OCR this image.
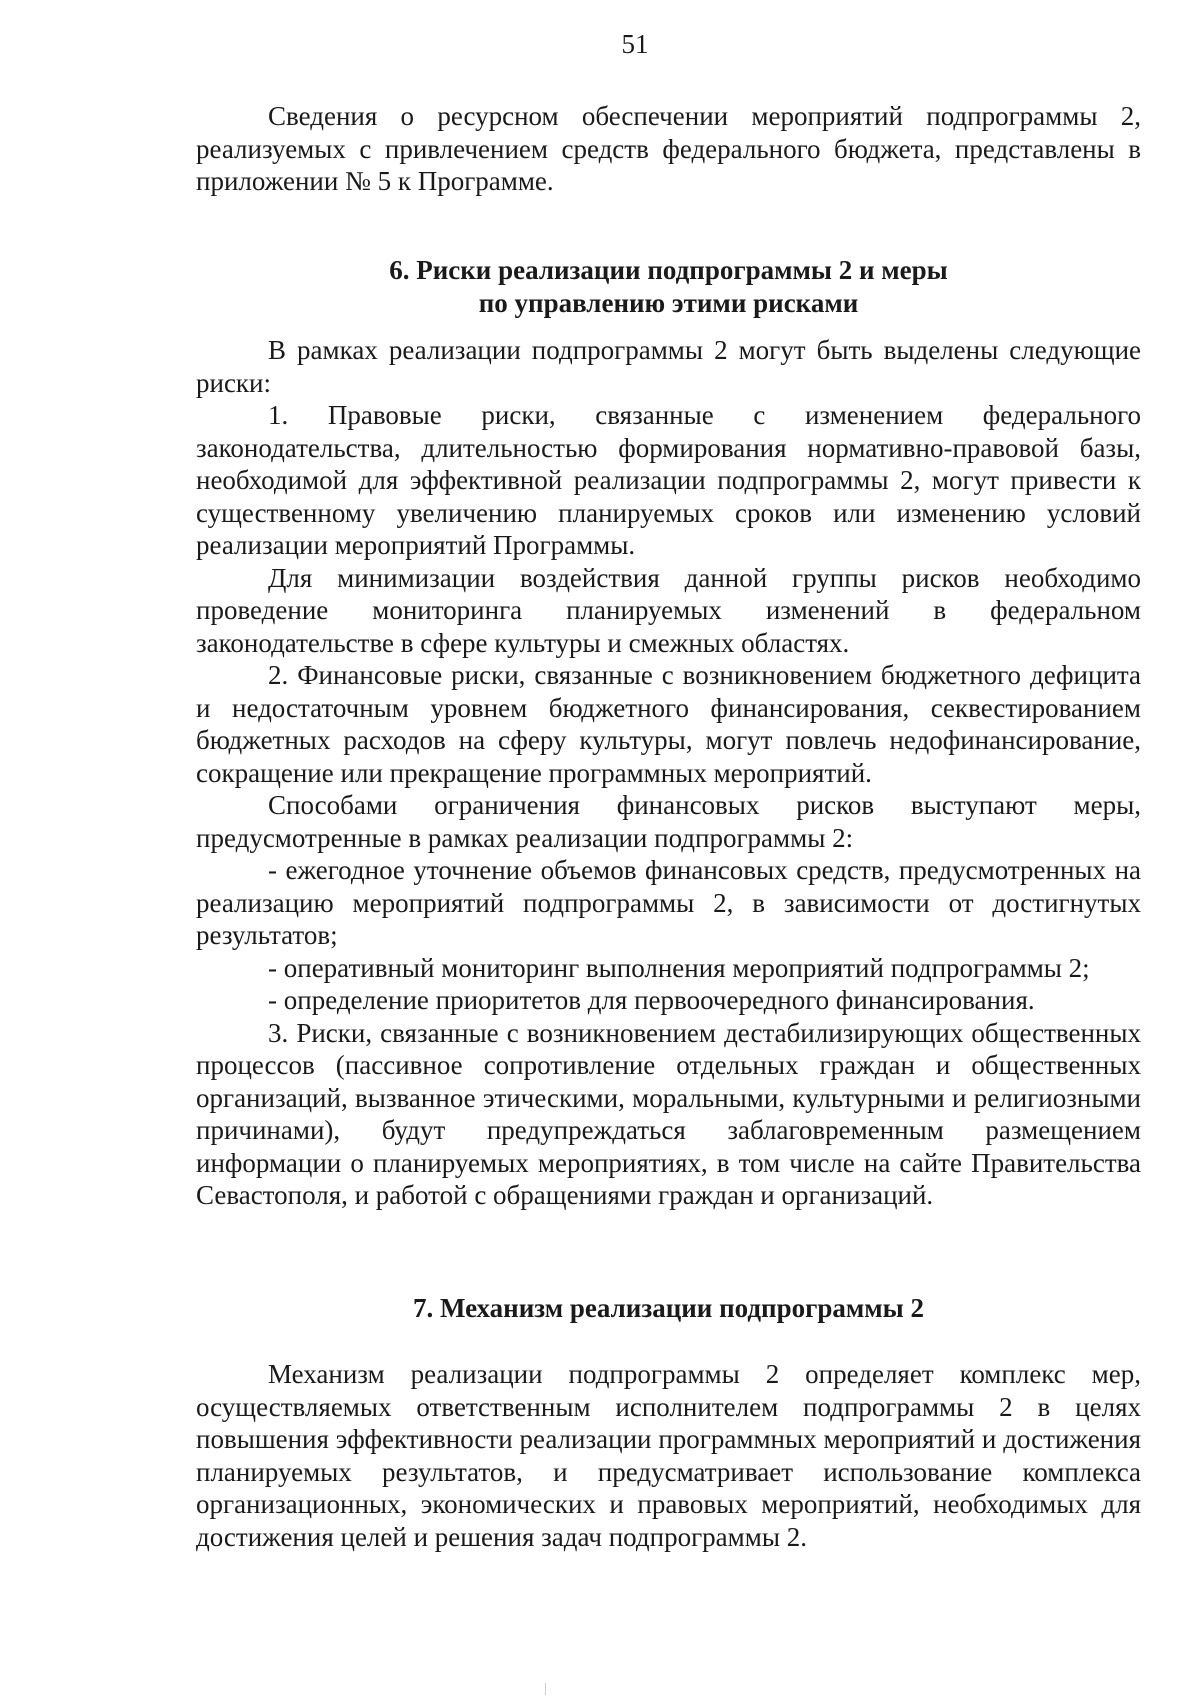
51

Сведения о ресурсном обеспечении мероприятий подпрограммы 2, реализуемых с привлечением средств федерального бюджета, представлены в приложении № 5 к Программе.

6. Риски реализации подпрограммы 2 и меры
по управлению этими рисками

В рамках реализации подпрограммы 2 могут быть выделены следующие риски:

1. Правовые риски, связанные с изменением федерального законодательства, длительностью формирования нормативно-правовой базы, необходимой для эффективной реализации подпрограммы 2, могут привести к существенному увеличению планируемых сроков или изменению условий реализации мероприятий Программы.

Для минимизации воздействия данной группы рисков необходимо проведение мониторинга планируемых изменений в федеральном законодательстве в сфере культуры и смежных областях.

2. Финансовые риски, связанные с возникновением бюджетного дефицита и недостаточным уровнем бюджетного финансирования, секвестированием бюджетных расходов на сферу культуры, могут повлечь недофинансирование, сокращение или прекращение программных мероприятий.

Способами ограничения финансовых рисков выступают меры, предусмотренные в рамках реализации подпрограммы 2:

- ежегодное уточнение объемов финансовых средств, предусмотренных на реализацию мероприятий подпрограммы 2, в зависимости от достигнутых результатов;

- оперативный мониторинг выполнения мероприятий подпрограммы 2;

- определение приоритетов для первоочередного финансирования.

3. Риски, связанные с возникновением дестабилизирующих общественных процессов (пассивное сопротивление отдельных граждан и общественных организаций, вызванное этическими, моральными, культурными и религиозными причинами), будут предупреждаться заблаговременным размещением информации о планируемых мероприятиях, в том числе на сайте Правительства Севастополя, и работой с обращениями граждан и организаций.

7. Механизм реализации подпрограммы 2

Механизм реализации подпрограммы 2 определяет комплекс мер, осуществляемых ответственным исполнителем подпрограммы 2 в целях повышения эффективности реализации программных мероприятий и достижения планируемых результатов, и предусматривает использование комплекса организационных, экономических и правовых мероприятий, необходимых для достижения целей и решения задач подпрограммы 2.
